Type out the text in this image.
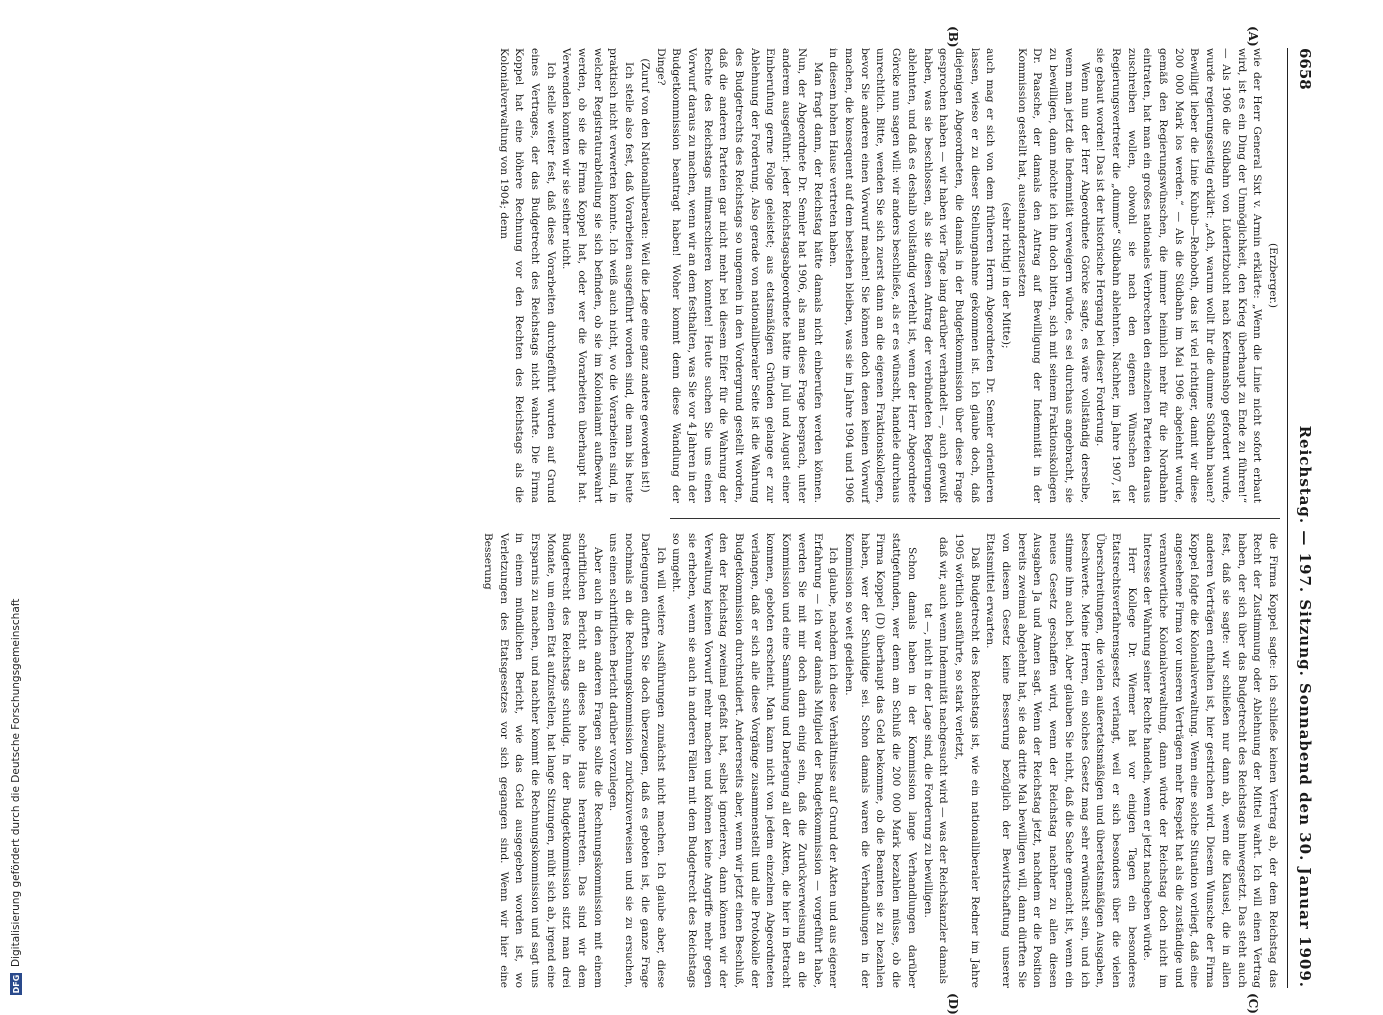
DFG
Digitalisierung gefördert durch die Deutsche Forschungsgemeinschaft
6658
Reichstag. — 197. Sitzung. Sonnabend den 30. Januar 1909.
(A)
(B)
(C)
(D)

(Erzberger.)

wie der Herr General Sixt v. Armin erklärte: „Wenn die Linie nicht sofort erbaut wird, ist es ein Ding der Unmöglichkeit, den Krieg überhaupt zu Ende zu führen!“ — Als 1906 die Südbahn von Lüderitzbucht nach Keetmanshop gefordert wurde, wurde regierungsseitig erklärt: „Ach, warum wollt Ihr die dumme Südbahn bauen? Bewilligt lieber die Linie Kubub—Rehoboth, das ist viel richtiger, damit wir diese 200 000 Mark los werden.“ — Als die Südbahn im Mai 1906 abgelehnt wurde, gemäß den Regierungswünschen, die immer heimlich mehr für die Nordbahn eintraten, hat man ein großes nationales Verbrechen den einzelnen Parteien daraus zuschreiben wollen, obwohl sie nach den eigenen Wünschen der Regierungsvertreter die „dumme“ Südbahn ablehnten. Nachher, im Jahre 1907, ist sie gebaut worden! Das ist der historische Hergang bei dieser Forderung.

Wenn nun der Herr Abgeordnete Görcke sagte, es wäre vollständig derselbe, wenn man jetzt die Indemnität verweigern würde, es sei durchaus angebracht, sie zu bewilligen, dann möchte ich ihn doch bitten, sich mit seinem Fraktionskollegen Dr. Paasche, der damals den Antrag auf Bewilligung der Indemnität in der Kommission gestellt hat, auseinanderzusetzen

(sehr richtig! in der Mitte);

auch mag er sich von dem früheren Herrn Abgeordneten Dr. Semler orientieren lassen, wieso er zu dieser Stellungnahme gekommen ist. Ich glaube doch, daß diejenigen Abgeordneten, die damals in der Budgetkommission über diese Frage gesprochen haben — wir haben vier Tage lang darüber verhandelt —, auch gewußt haben, was sie beschlossen, als sie diesen Antrag der verbündeten Regierungen ablehnten, und daß es deshalb vollständig verfehlt ist, wenn der Herr Abgeordnete Görcke nun sagen will: wir anders beschließe, als er es wünscht, handele durchaus unrechtlich. Bitte, wenden Sie sich zuerst dann an die eigenen Fraktionskollegen, bevor Sie anderen einen Vorwurf machen! Sie können doch denen keinen Vorwurf machen, die konsequent auf dem bestehen bleiben, was sie im Jahre 1904 und 1906 in diesem hohen Hause vertreten haben.

Man fragt dann, der Reichstag hätte damals nicht einberufen werden können. Nun, der Abgeordnete Dr. Semler hat 1906, als man diese Frage besprach, unter anderem ausgeführt: jeder Reichstagsabgeordnete hätte im Juli und August einer Einberufung gerne Folge geleistet; aus etatsmäßigen Gründen gelange er zur Ablehnung der Forderung. Also gerade von nationalliberaler Seite ist die Wahrung des Budgetrechts des Reichstags so ungemein in den Vordergrund gestellt worden, daß die anderen Parteien gar nicht mehr bei diesem Eifer für die Wahrung der Rechte des Reichstags mitmarschieren konnten! Heute suchen Sie uns einen Vorwurf daraus zu machen, wenn wir an dem festhalten, was Sie vor 4 Jahren in der Budgetkommission beantragt haben! Woher kommt denn diese Wandlung der Dinge?

(Zuruf von den Nationalliberalen: Weil die Lage eine ganz andere geworden ist!)

Ich stelle also fest, daß Vorarbeiten ausgeführt worden sind, die man bis heute praktisch nicht verwerten konnte. Ich weiß auch nicht, wo die Vorarbeiten sind, in welcher Registraturabteilung sie sich befinden, ob sie im Kolonialamt aufbewahrt werden, ob sie die Firma Koppel hat, oder wer die Vorarbeiten überhaupt hat. Verwenden konnten wir sie seither nicht.

Ich stelle weiter fest, daß diese Vorarbeiten durchgeführt wurden auf Grund eines Vertrages, der das Budgetrecht des Reichstags nicht wahrte. Die Firma Koppel hat eine höhere Rechnung vor den Rechten des Reichstags als die Kolonialverwaltung von 1904; denn

die Firma Koppel sagte: ich schließe keinen Vertrag ab, der dem Reichstag das Recht der Zustimmung oder Ablehnung der Mittel wahrt. Ich will einen Vertrag haben, der sich über das Budgetrecht des Reichstags hinwegsetzt. Das steht auch fest, daß sie sagte: wir schließen nur dann ab, wenn die Klausel, die in allen anderen Verträgen enthalten ist, hier gestrichen wird. Diesem Wunsche der Firma Koppel folgte die Kolonialverwaltung. Wenn eine solche Situation vorliegt, daß eine angesehene Firma vor unseren Verträgen mehr Respekt hat als die zuständige und verantwortliche Kolonialverwaltung, dann würde der Reichstag doch nicht im Interesse der Wahrung seiner Rechte handeln, wenn er jetzt nachgeben würde.

Herr Kollege Dr. Wiemer hat vor einigen Tagen ein besonderes Etatsrechtsverfahrensgesetz verlangt, weil er sich besonders über die vielen Überschreitungen, die vielen außeretatsmäßigen und überetatsmäßigen Ausgaben, beschwerte. Meine Herren, ein solches Gesetz mag sehr erwünscht sein, und ich stimme ihm auch bei. Aber glauben Sie nicht, daß die Sache gemacht ist, wenn ein neues Gesetz geschaffen wird, wenn der Reichstag nachher zu allen diesen Ausgaben Ja und Amen sagt. Wenn der Reichstag jetzt, nachdem er die Position bereits zweimal abgelehnt hat, sie das dritte Mal bewilligen will, dann dürften Sie von diesem Gesetz keine Besserung bezüglich der Bewirtschaftung unserer Etatsmittel erwarten.

Daß Budgetrecht des Reichstags ist, wie ein nationalliberaler Redner im Jahre 1905 wörtlich ausführte, so stark verletzt,

daß wir, auch wenn Indemnität nachgesucht wird — was der Reichskanzler damals tat —, nicht in der Lage sind, die Forderung zu bewilligen.

Schon damals haben in der Kommission lange Verhandlungen darüber stattgefunden, wer denn am Schluß die 200 000 Mark bezahlen müsse, ob die Firma Koppel (D) überhaupt das Geld bekomme, ob die Beamten sie zu bezahlen haben, wer der Schuldige sei. Schon damals waren die Verhandlungen in der Kommission so weit gediehen.

Ich glaube, nachdem ich diese Verhältnisse auf Grund der Akten und aus eigener Erfahrung — ich war damals Mitglied der Budgetkommission — vorgeführt habe, werden Sie mit mir doch darin einig sein, daß die Zurückverweisung an die Kommission und eine Sammlung und Darlegung all der Akten, die hier in Betracht kommen, geboten erscheint. Man kann nicht von jedem einzelnen Abgeordneten verlangen, daß er sich alle diese Vorgänge zusammenstellt und alle Protokolle der Budgetkommission durchstudiert. Andererseits aber, wenn wir jetzt einen Beschluß, den der Reichstag zweimal gefaßt hat, selbst ignorieren, dann können wir der Verwaltung keinen Vorwurf mehr machen und können keine Angriffe mehr gegen sie erheben, wenn sie auch in anderen Fällen mit dem Budgetrecht des Reichstags so umgeht.

Ich will weitere Ausführungen zunächst nicht machen. Ich glaube aber, diese Darlegungen dürften Sie doch überzeugen, daß es geboten ist, die ganze Frage nochmals an die Rechnungskommission zurückzuverweisen und sie zu ersuchen, uns einen schriftlichen Bericht darüber vorzulegen.

Aber auch in den anderen Fragen sollte die Rechnungskommission mit einem schriftlichen Bericht an dieses hohe Haus herantreten. Das sind wir dem Budgetrecht des Reichstags schuldig. In der Budgetkommission sitzt man drei Monate, um einen Etat aufzustellen, hat lange Sitzungen, müht sich ab, irgend eine Ersparnis zu machen, und nachher kommt die Rechnungskommission und sagt uns in einem mündlichen Bericht, wie das Geld ausgegeben worden ist, wo Verletzungen des Etatsgesetzes vor sich gegangen sind. Wenn wir hier eine Besserung
